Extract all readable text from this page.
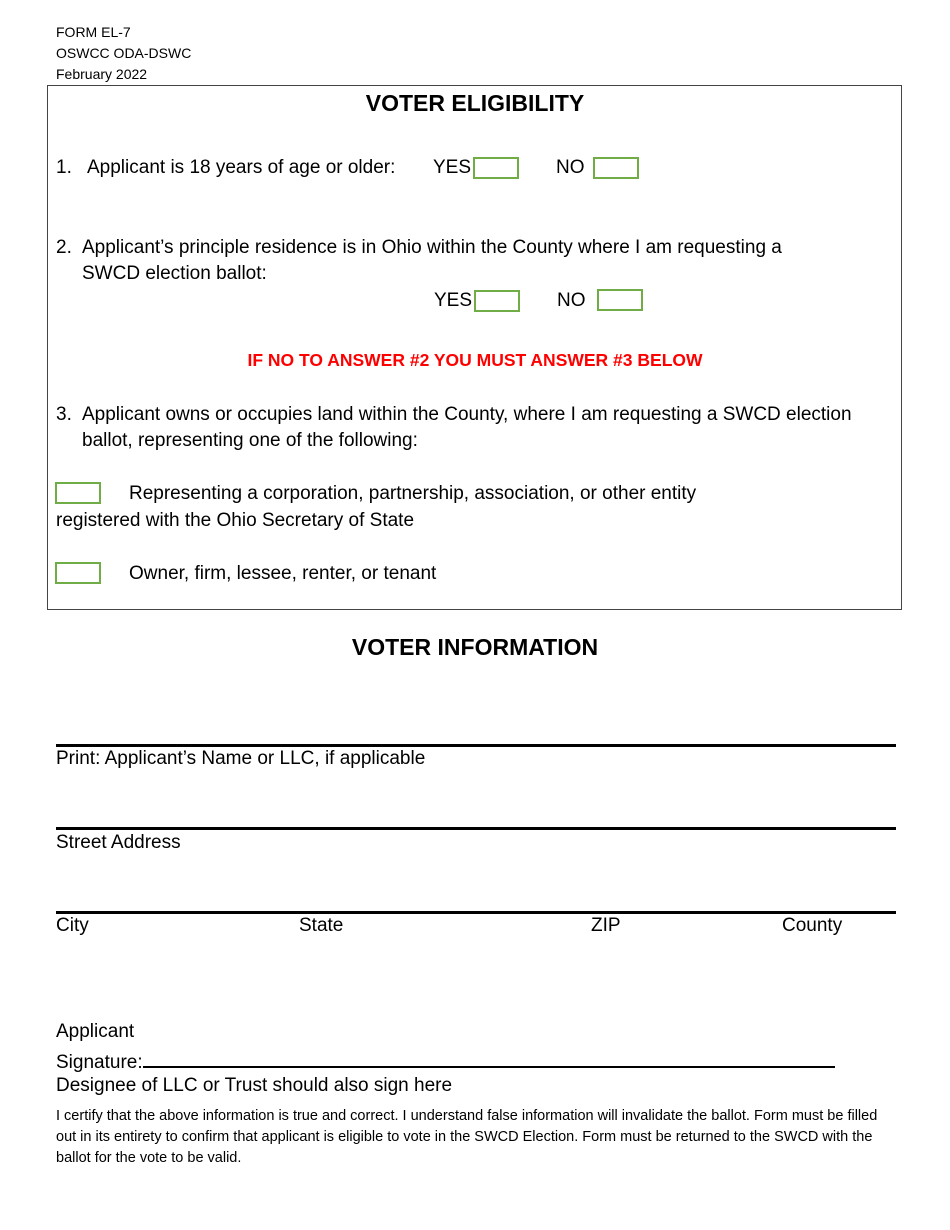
FORM EL-7
OSWCC ODA-DSWC
February 2022
VOTER ELIGIBILITY
1. Applicant is 18 years of age or older: YES	NO
2. Applicant’s principle residence is in Ohio within the County where I am requesting a
SWCD election ballot:
YES	NO
IF NO TO ANSWER #2 YOU MUST ANSWER #3 BELOW
3. Applicant owns or occupies land within the County, where I am requesting a SWCD election
ballot, representing one of the following:
Representing a corporation, partnership, association, or other entity
registered with the Ohio Secretary of State
Owner, firm, lessee, renter, or tenant
VOTER INFORMATION
Print: Applicant’s Name or LLC, if applicable
Street Address
City	State	ZIP	County
Applicant
Signature:
Designee of LLC or Trust should also sign here
I certify that the above information is true and correct. I understand false information will invalidate the ballot. Form must be filled out in its entirety to confirm that applicant is eligible to vote in the SWCD Election. Form must be returned to the SWCD with the ballot for the vote to be valid.
